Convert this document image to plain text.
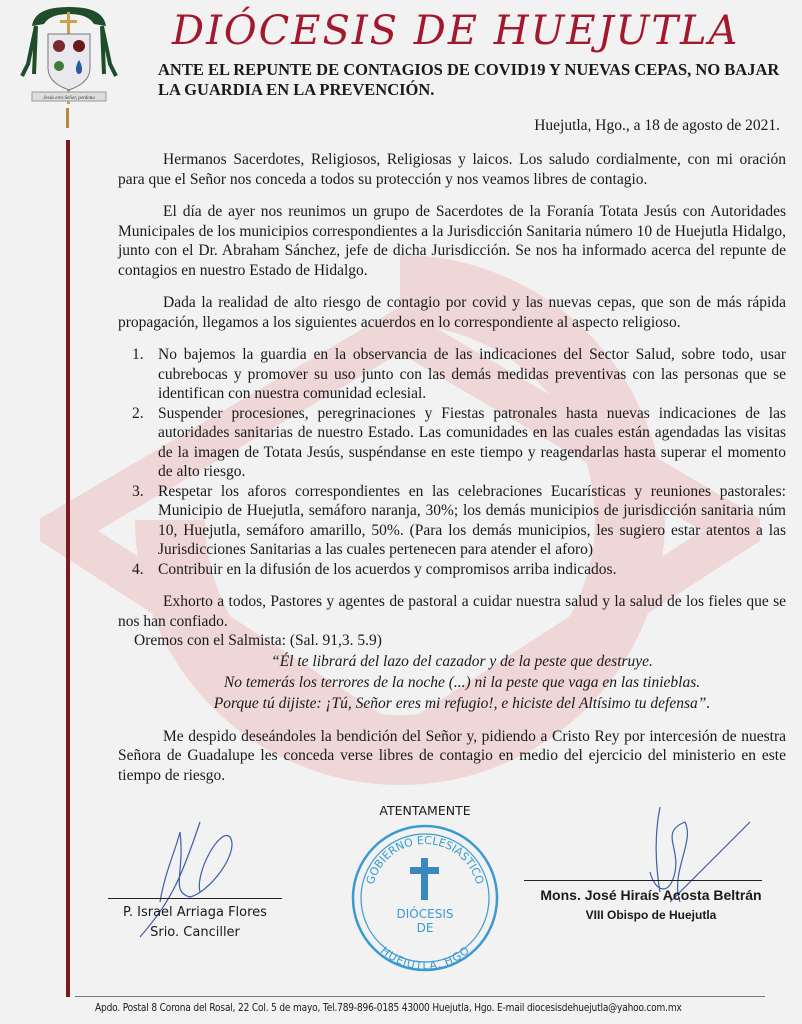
Jesús eres Señor, perdona
DIÓCESIS DE HUEJUTLA
ANTE EL REPUNTE DE CONTAGIOS DE COVID19 Y NUEVAS CEPAS, NO BAJAR LA GUARDIA EN LA PREVENCIÓN.
Huejutla, Hgo., a 18 de agosto de 2021.

Hermanos Sacerdotes, Religiosos, Religiosas y laicos. Los saludo cordialmente, con mi oración para que el Señor nos conceda a todos su protección y nos veamos libres de contagio.

El día de ayer nos reunimos un grupo de Sacerdotes de la Foranía Totata Jesús con Autoridades Municipales de los municipios correspondientes a la Jurisdicción Sanitaria número 10 de Huejutla Hidalgo, junto con el Dr. Abraham Sánchez, jefe de dicha Jurisdicción. Se nos ha informado acerca del repunte de contagios en nuestro Estado de Hidalgo.

Dada la realidad de alto riesgo de contagio por covid y las nuevas cepas, que son de más rápida propagación, llegamos a los siguientes acuerdos en lo correspondiente al aspecto religioso.

1. No bajemos la guardia en la observancia de las indicaciones del Sector Salud, sobre todo, usar cubrebocas y promover su uso junto con las demás medidas preventivas con las personas que se identifican con nuestra comunidad eclesial.
2. Suspender procesiones, peregrinaciones y Fiestas patronales hasta nuevas indicaciones de las autoridades sanitarias de nuestro Estado. Las comunidades en las cuales están agendadas las visitas de la imagen de Totata Jesús, suspéndanse en este tiempo y reagendarlas hasta superar el momento de alto riesgo.
3. Respetar los aforos correspondientes en las celebraciones Eucarísticas y reuniones pastorales: Municipio de Huejutla, semáforo naranja, 30%; los demás municipios de jurisdicción sanitaria núm 10, Huejutla, semáforo amarillo, 50%. (Para los demás municipios, les sugiero estar atentos a las Jurisdicciones Sanitarias a las cuales pertenecen para atender el aforo)
4. Contribuir en la difusión de los acuerdos y compromisos arriba indicados.

Exhorto a todos, Pastores y agentes de pastoral a cuidar nuestra salud y la salud de los fieles que se nos han confiado.

Oremos con el Salmista: (Sal. 91,3. 5.9)
“Él te librará del lazo del cazador y de la peste que destruye.
No temerás los terrores de la noche (...) ni la peste que vaga en las tinieblas.
Porque tú dijiste: ¡Tú, Señor eres mi refugio!, e hiciste del Altísimo tu defensa”.

Me despido deseándoles la bendición del Señor y, pidiendo a Cristo Rey por intercesión de nuestra Señora de Guadalupe les conceda verse libres de contagio en medio del ejercicio del ministerio en este tiempo de riesgo.

ATENTAMENTE
GOBIERNO ECLESIÁSTICO
HUEJUTLA, HGO
DIÓCESIS
DE
P. Israel Arriaga Flores
Srio. Canciller
Mons. José Hiraís Acosta Beltrán
VIII Obispo de Huejutla
Apdo. Postal 8 Corona del Rosal, 22 Col. 5 de mayo, Tel.789-896-0185 43000 Huejutla, Hgo. E-mail diocesisdehuejutla@yahoo.com.mx
